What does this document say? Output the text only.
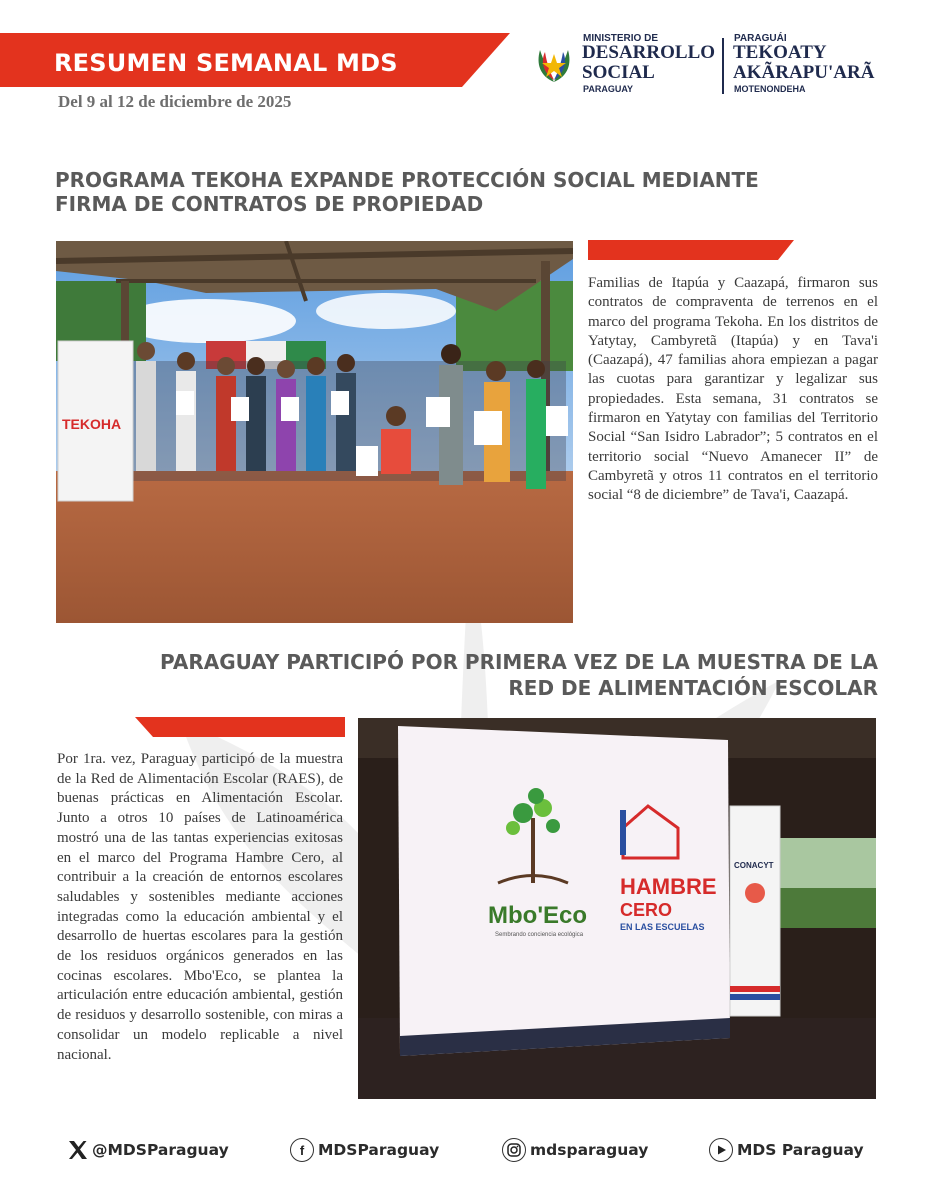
RESUMEN SEMANAL MDS
Del 9 al 12 de diciembre de 2025
MINISTERIO DE
DESARROLLO
SOCIAL
PARAGUAY
PARAGUÁI
TEKOATY
AKÃRAPU'ARÃ
MOTENONDEHA
PROGRAMA TEKOHA EXPANDE PROTECCIÓN SOCIAL MEDIANTE
FIRMA DE CONTRATOS DE PROPIEDAD
TEKOHA
Familias de Itapúa y Caazapá, firmaron sus contratos de compraventa de terrenos en el marco del programa Tekoha. En los distritos de Yatytay, Cambyretã (Itapúa) y en Tava'i (Caazapá), 47 familias ahora empiezan a pagar las cuotas para garantizar y legalizar sus propiedades. Esta semana, 31 contratos se firmaron en Yatytay con familias del Territorio Social “San Isidro Labrador”; 5 contratos en el territorio social “Nuevo Amanecer II” de Cambyretã y otros 11 contratos en el territorio social “8 de diciembre” de Tava'i, Caazapá.
PARAGUAY PARTICIPÓ POR PRIMERA VEZ DE LA MUESTRA DE LA
RED DE ALIMENTACIÓN ESCOLAR
Por 1ra. vez, Paraguay participó de la muestra de la Red de Alimentación Escolar (RAES), de buenas prácticas en Alimentación Escolar. Junto a otros 10 países de Latinoamérica mostró una de las tantas experiencias exitosas en el marco del Programa Hambre Cero, al contribuir a la creación de entornos escolares saludables y sostenibles mediante acciones integradas como la educación ambiental y el desarrollo de huertas escolares para la gestión de los residuos orgánicos generados en las cocinas escolares. Mbo'Eco, se plantea la articulación entre educación ambiental, gestión de residuos y desarrollo sostenible, con miras a consolidar un modelo replicable a nivel nacional.
Mbo'Eco
Sembrando conciencia ecológica
HAMBRE
CERO
EN LAS ESCUELAS
CONACYT
@MDSParaguay	f MDSParaguay	mdsparaguay	MDS Paraguay
